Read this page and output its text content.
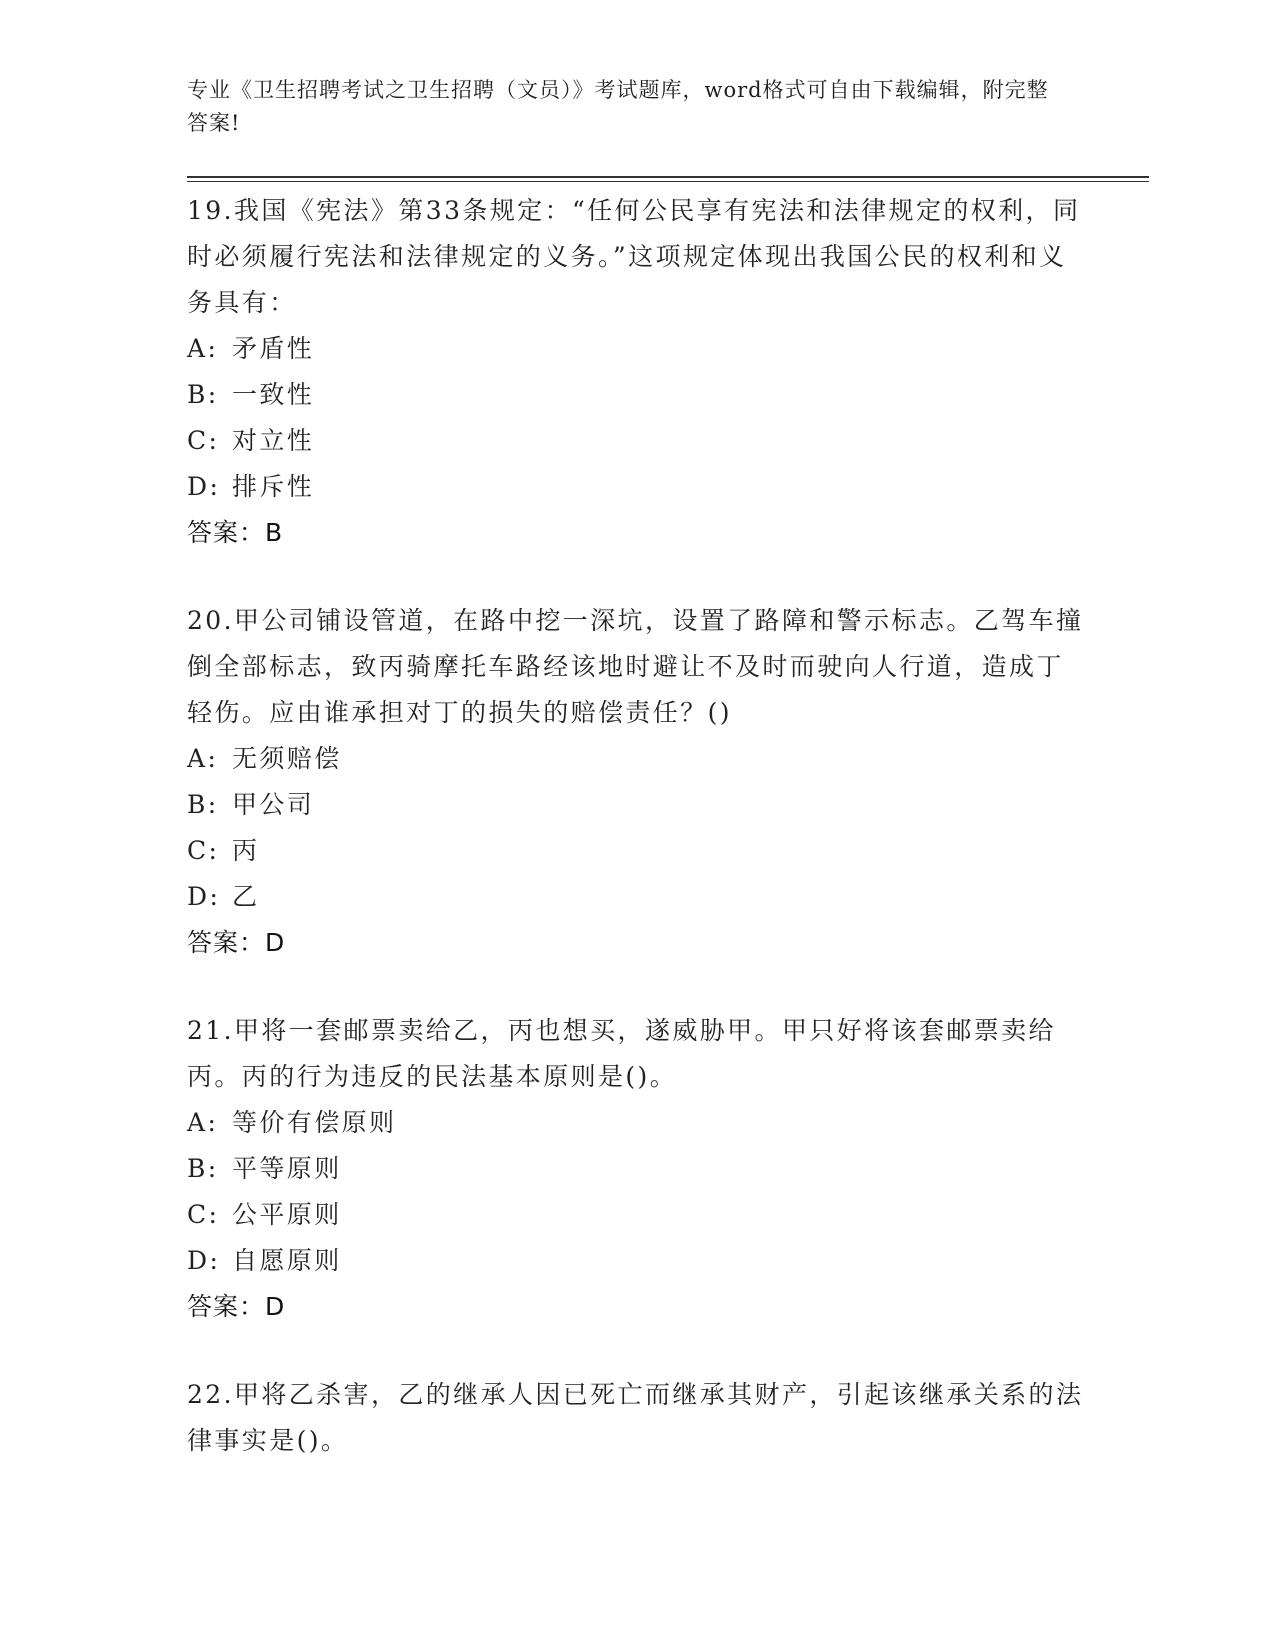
专业《卫生招聘考试之卫生招聘（文员）》考试题库，word格式可自由下载编辑，附完整答案!
19.我国《宪法》第33条规定：“任何公民享有宪法和法律规定的权利，同时必须履行宪法和法律规定的义务。”这项规定体现出我国公民的权利和义务具有：
A: 矛盾性
B: 一致性
C: 对立性
D: 排斥性
答案：B
20.甲公司铺设管道，在路中挖一深坑，设置了路障和警示标志。乙驾车撞倒全部标志，致丙骑摩托车路经该地时避让不及时而驶向人行道，造成丁轻伤。应由谁承担对丁的损失的赔偿责任？()
A: 无须赔偿
B: 甲公司
C: 丙
D: 乙
答案：D
21.甲将一套邮票卖给乙，丙也想买，遂威胁甲。甲只好将该套邮票卖给丙。丙的行为违反的民法基本原则是()。
A: 等价有偿原则
B: 平等原则
C: 公平原则
D: 自愿原则
答案：D
22.甲将乙杀害，乙的继承人因已死亡而继承其财产，引起该继承关系的法律事实是()。
